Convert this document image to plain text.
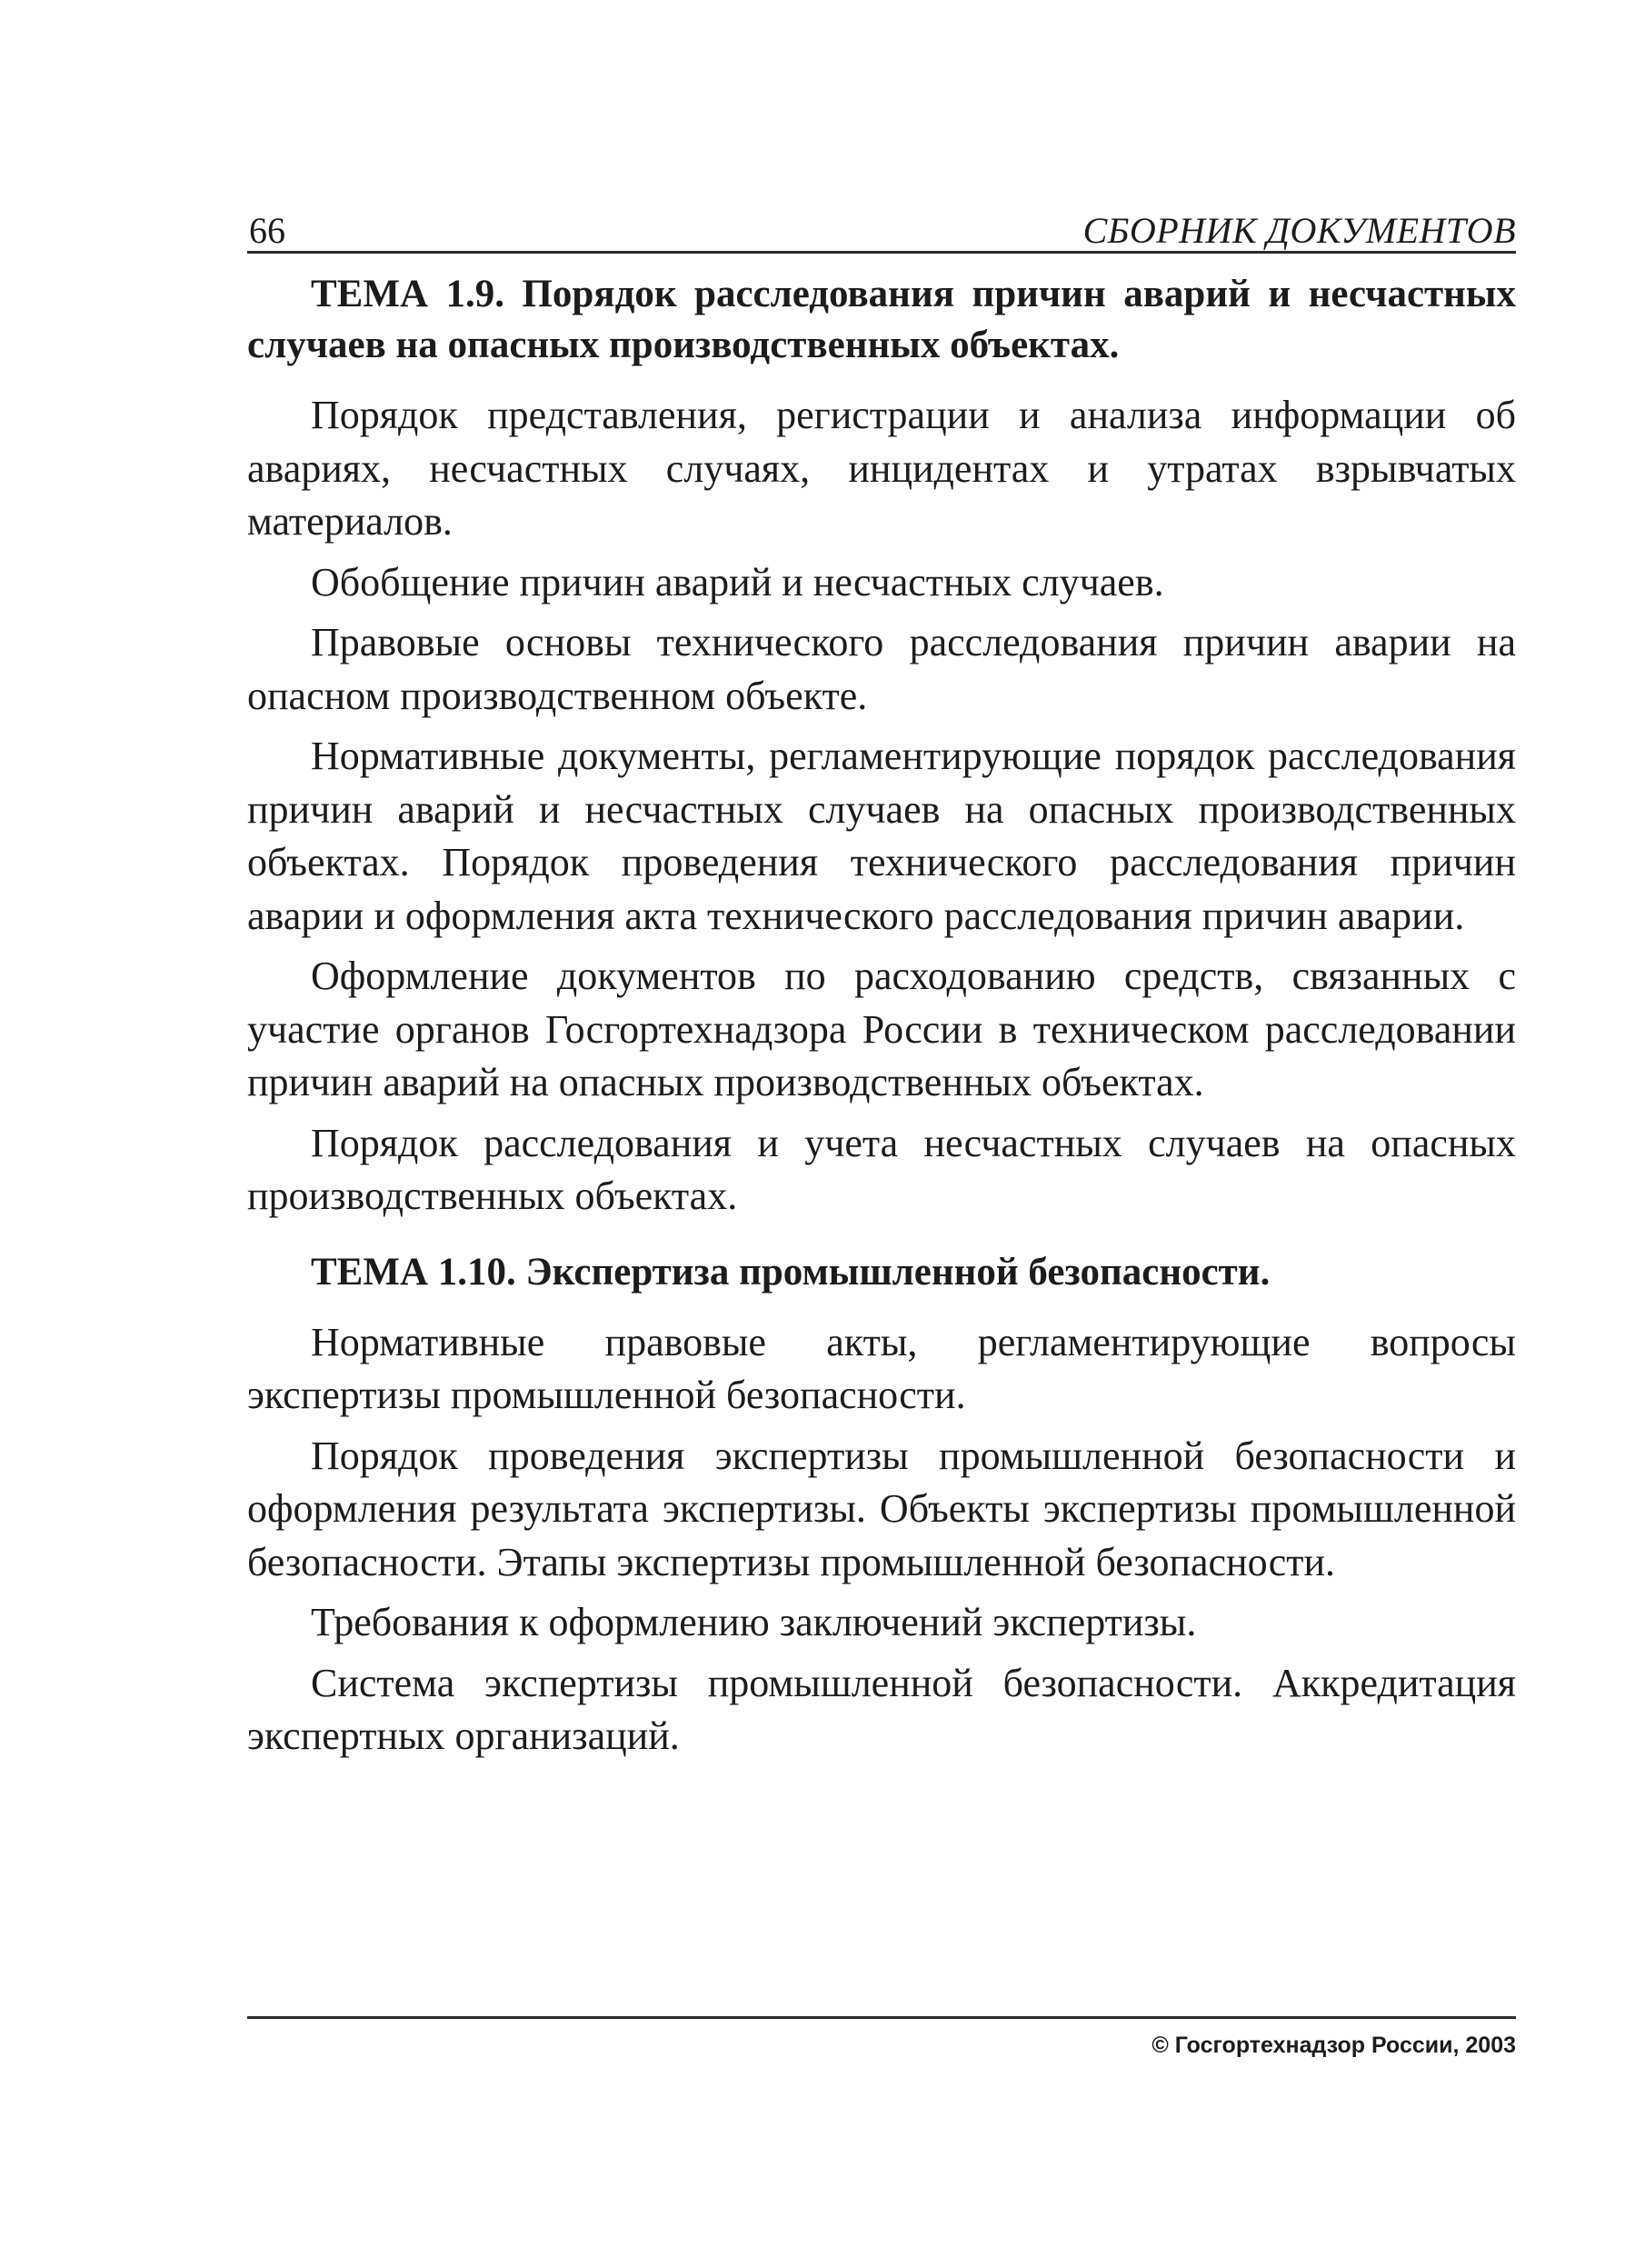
66	СБОРНИК ДОКУМЕНТОВ
ТЕМА 1.9. Порядок расследования причин аварий и несчастных случаев на опасных производственных объектах.

Порядок представления, регистрации и анализа информации об авариях, несчастных случаях, инцидентах и утратах взрывчатых материалов.

Обобщение причин аварий и несчастных случаев.

Правовые основы технического расследования причин аварии на опасном производственном объекте.

Нормативные документы, регламентирующие порядок расследования причин аварий и несчастных случаев на опасных производственных объектах. Порядок проведения технического расследования причин аварии и оформления акта технического расследования причин аварии.

Оформление документов по расходованию средств, связанных с участие органов Госгортехнадзора России в техническом расследовании причин аварий на опасных производственных объектах.

Порядок расследования и учета несчастных случаев на опасных производственных объектах.

ТЕМА 1.10. Экспертиза промышленной безопасности.

Нормативные правовые акты, регламентирующие вопросы экспертизы промышленной безопасности.

Порядок проведения экспертизы промышленной безопасности и оформления результата экспертизы. Объекты экспертизы промышленной безопасности. Этапы экспертизы промышленной безопасности.

Требования к оформлению заключений экспертизы.

Система экспертизы промышленной безопасности. Аккредитация экспертных организаций.

© Госгортехнадзор России, 2003
